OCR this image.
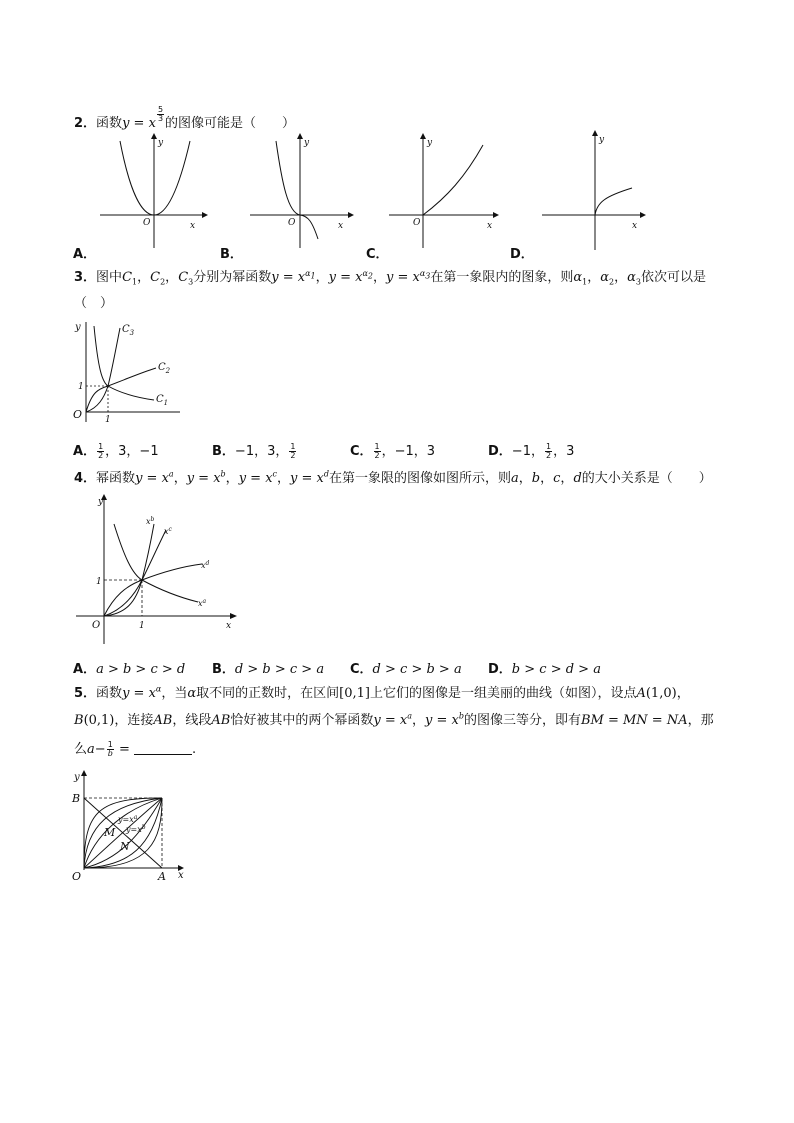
2．函数y = x
$\frac{5}{3}$
的图像可能是（　　）
x
y
O
A．
x
y
O
B．
x
y
O
C．
x
y
D．
3．图中$C_1$，$C_2$，$C_3$分别为幂函数$y = x^{\alpha_1}$，$y = x^{\alpha_2}$，$y = x^{\alpha_3}$在第一象限内的图象，则$\alpha_1$，$\alpha_2$，$\alpha_3$依次可以是
（　）
y
O	1
1
$C_3$
$C_2$
$C_1$
A． $\frac{1}{2}$ ，3，−1	B．−1，3， $\frac{1}{2}$	C． $\frac{1}{2}$ ，−1，3	D．−1， $\frac{1}{2}$ ，3
4．幂函数$y = x^a$，$y = x^b$，$y = x^c$，$y = x^d$在第一象限的图像如图所示，则a，b，c，d的大小关系是（　　）
y
x
O	1
1
$x^b$
$x^c$
$x^d$
$x^a$
A．a > b > c > d B．d > b > c > a C．d > c > b > a D．b > c > d > a
5．函数$y = x^\alpha$，当α取不同的正数时，在区间[0,1]上它们的图像是一组美丽的曲线（如图），设点A(1,0)，
B(0,1)，连接AB，线段AB恰好被其中的两个幂函数$y = x^a$，$y = x^b$的图像三等分，即有BM = MN = NA，那
么$a- \frac{1}{b}$ =	.
y
x
O	A
B
M
N
$y=x^a$
$y=x^b$
